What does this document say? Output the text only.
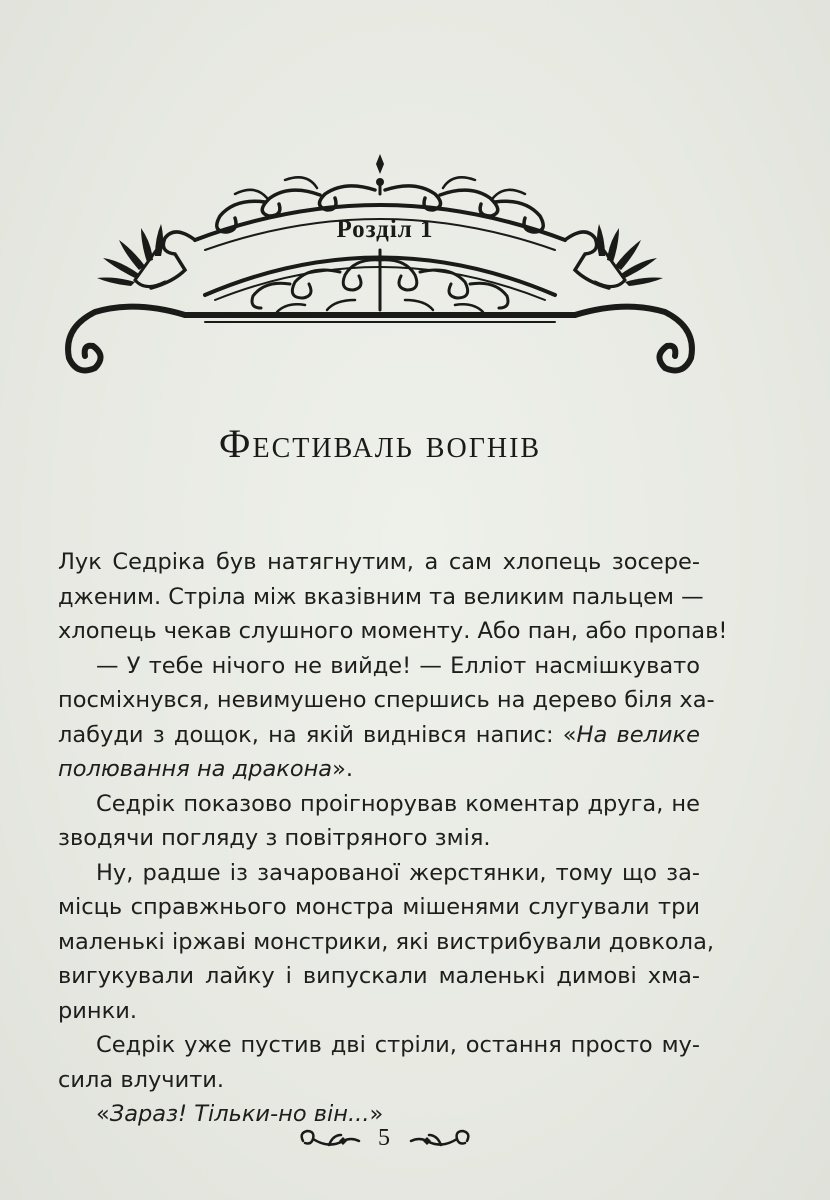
Розділ 1
Фестиваль вогнів
Лук Седріка був натягнутим, а сам хлопець зосере-
дженим. Стріла між вказівним та великим пальцем —
хлопець чекав слушного моменту. Або пан, або пропав!
— У тебе нічого не вийде! — Елліот насмішкувато
посміхнувся, невимушено спершись на дерево біля ха-
лабуди з дощок, на якій виднівся напис: «На велике
полювання на дракона».
Седрік показово проігнорував коментар друга, не
зводячи погляду з повітряного змія.
Ну, радше із зачарованої жерстянки, тому що за-
місць справжнього монстра мішенями слугували три
маленькі іржаві монстрики, які вистрибували довкола,
вигукували лайку і випускали маленькі димові хма-
ринки.
Седрік уже пустив дві стріли, остання просто му-
сила влучити.
«Зараз! Тільки-но він...»
5
